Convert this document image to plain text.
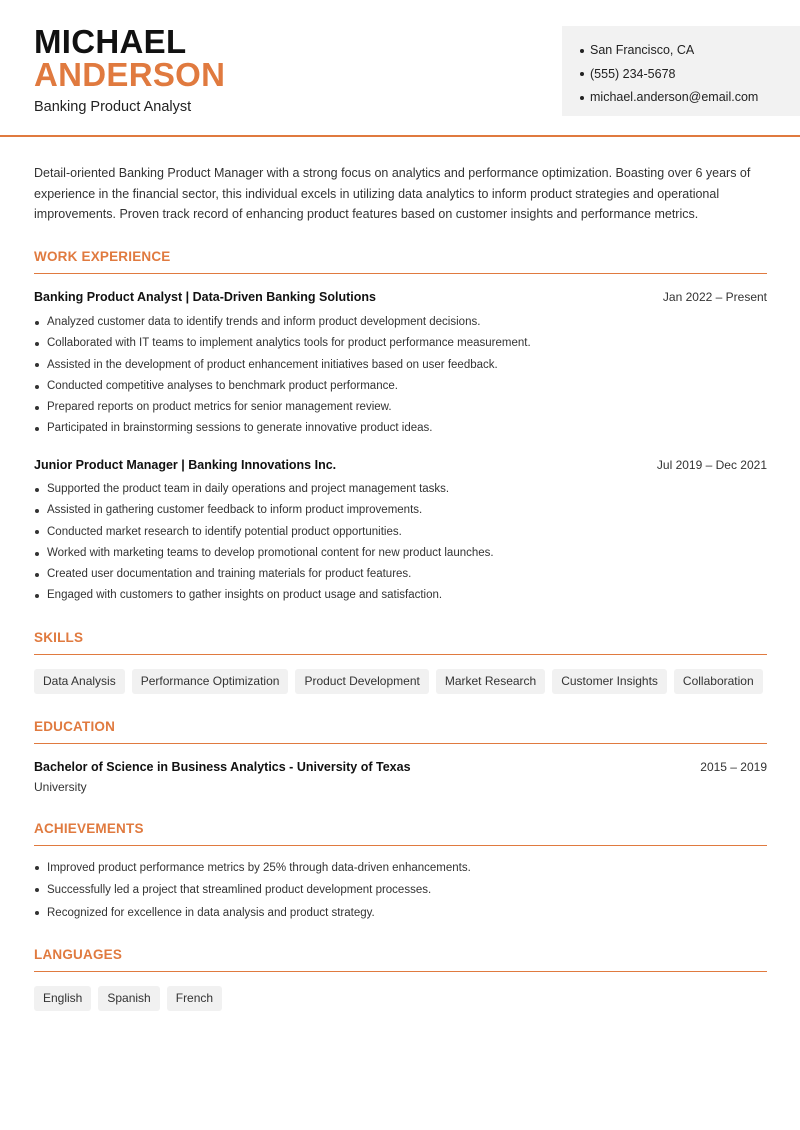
MICHAEL
ANDERSON
Banking Product Analyst
San Francisco, CA
(555) 234-5678
michael.anderson@email.com
Detail-oriented Banking Product Manager with a strong focus on analytics and performance optimization. Boasting over 6 years of experience in the financial sector, this individual excels in utilizing data analytics to inform product strategies and operational improvements. Proven track record of enhancing product features based on customer insights and performance metrics.
WORK EXPERIENCE
Banking Product Analyst | Data-Driven Banking Solutions	Jan 2022 – Present
Analyzed customer data to identify trends and inform product development decisions.
Collaborated with IT teams to implement analytics tools for product performance measurement.
Assisted in the development of product enhancement initiatives based on user feedback.
Conducted competitive analyses to benchmark product performance.
Prepared reports on product metrics for senior management review.
Participated in brainstorming sessions to generate innovative product ideas.
Junior Product Manager | Banking Innovations Inc.	Jul 2019 – Dec 2021
Supported the product team in daily operations and project management tasks.
Assisted in gathering customer feedback to inform product improvements.
Conducted market research to identify potential product opportunities.
Worked with marketing teams to develop promotional content for new product launches.
Created user documentation and training materials for product features.
Engaged with customers to gather insights on product usage and satisfaction.
SKILLS
Data Analysis	Performance Optimization	Product Development	Market Research	Customer Insights	Collaboration
EDUCATION
Bachelor of Science in Business Analytics - University of Texas	2015 – 2019
University
ACHIEVEMENTS
Improved product performance metrics by 25% through data-driven enhancements.
Successfully led a project that streamlined product development processes.
Recognized for excellence in data analysis and product strategy.
LANGUAGES
English	Spanish	French
